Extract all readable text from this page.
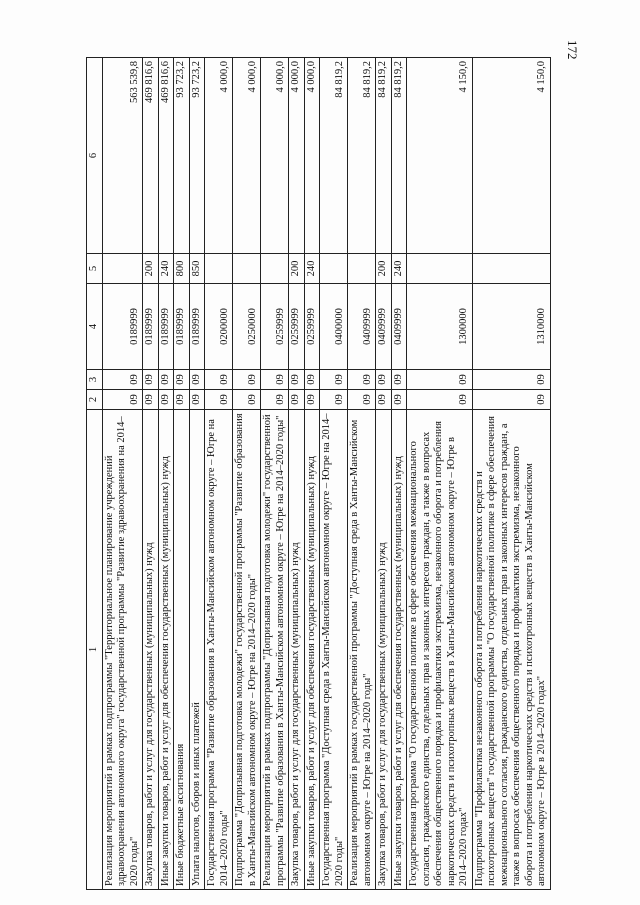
172
1	2	3	4	5	6
Реализация мероприятий в рамках подпрограммы "Территориальное планирование учреждений здравоохранения автономного округа" государственной программы "Развитие здравоохранения на 2014–2020 годы"	09	09	0189999		563 539,8
Закупка товаров, работ и услуг для государственных (муниципальных) нужд	09	09	0189999	200	469 816,6
Иные закупки товаров, работ и услуг для обеспечения государственных (муниципальных) нужд	09	09	0189999	240	469 816,6
Иные бюджетные ассигнования	09	09	0189999	800	93 723,2
Уплата налогов, сборов и иных платежей	09	09	0189999	850	93 723,2
Государственная программа "Развитие образования в Ханты-Мансийском автономном округе – Югре на 2014–2020 годы"	09	09	0200000		4 000,0
Подпрограмма "Допризывная подготовка молодежи" государственной программы "Развитие образования в Ханты-Мансийском автономном округе – Югре на 2014–2020 годы"	09	09	0250000		4 000,0
Реализация мероприятий в рамках подпрограммы "Допризывная подготовка молодежи" государственной программы "Развитие образования в Ханты-Мансийском автономном округе – Югре на 2014–2020 годы"	09	09	0259999		4 000,0
Закупка товаров, работ и услуг для государственных (муниципальных) нужд	09	09	0259999	200	4 000,0
Иные закупки товаров, работ и услуг для обеспечения государственных (муниципальных) нужд	09	09	0259999	240	4 000,0
Государственная программа "Доступная среда в Ханты-Мансийском автономном округе – Югре на 2014–2020 годы"	09	09	0400000		84 819,2
Реализация мероприятий в рамках государственной программы "Доступная среда в Ханты-Мансийском автономном округе – Югре на 2014–2020 годы"	09	09	0409999		84 819,2
Закупка товаров, работ и услуг для государственных (муниципальных) нужд	09	09	0409999	200	84 819,2
Иные закупки товаров, работ и услуг для обеспечения государственных (муниципальных) нужд	09	09	0409999	240	84 819,2
Государственная программа "О государственной политике в сфере обеспечения межнационального согласия, гражданского единства, отдельных прав и законных интересов граждан, а также в вопросах обеспечения общественного порядка и профилактики экстремизма, незаконного оборота и потребления наркотических средств и психотропных веществ в Ханты-Мансийском автономном округе – Югре в 2014–2020 годах"	09	09	1300000		4 150,0
Подпрограмма "Профилактика незаконного оборота и потребления наркотических средств и психотропных веществ" государственной программы "О государственной политике в сфере обеспечения межнационального согласия, гражданского единства, отдельных прав и законных интересов граждан, а также в вопросах обеспечения общественного порядка и профилактики экстремизма, незаконного оборота и потребления наркотических средств и психотропных веществ в Ханты-Мансийском автономном округе – Югре в 2014–2020 годах"	09	09	1310000		4 150,0
